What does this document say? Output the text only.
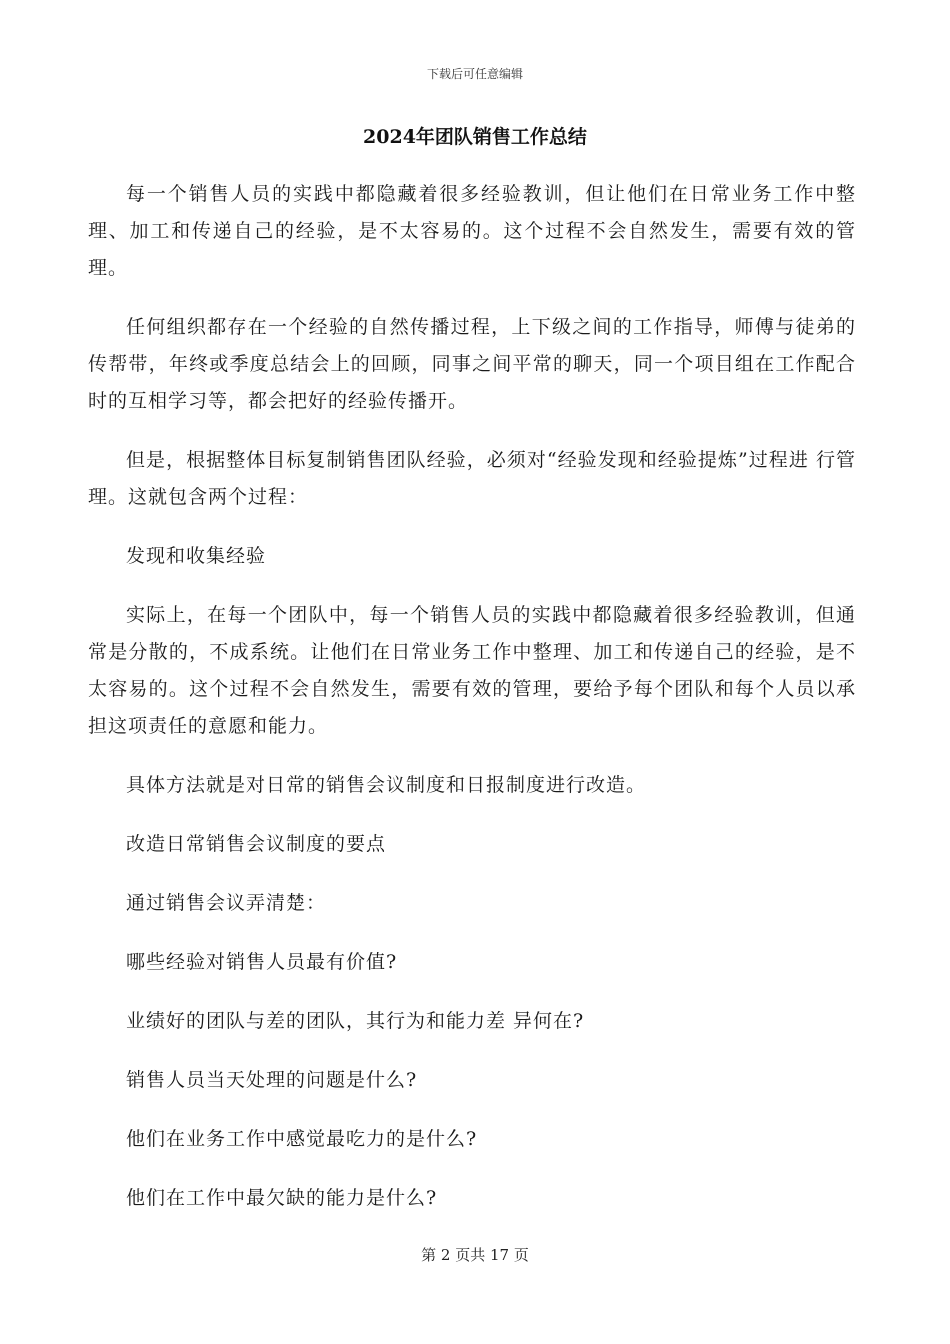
下载后可任意编辑
2024年团队销售工作总结

每一个销售人员的实践中都隐藏着很多经验教训，但让他们在日常业务工作中整理、加工和传递自己的经验，是不太容易的。这个过程不会自然发生，需要有效的管理。

任何组织都存在一个经验的自然传播过程，上下级之间的工作指导，师傅与徒弟的传帮带，年终或季度总结会上的回顾，同事之间平常的聊天，同一个项目组在工作配合时的互相学习等，都会把好的经验传播开。

但是，根据整体目标复制销售团队经验，必须对“经验发现和经验提炼”过程进 行管理。这就包含两个过程：

发现和收集经验

实际上，在每一个团队中，每一个销售人员的实践中都隐藏着很多经验教训，但通常是分散的，不成系统。让他们在日常业务工作中整理、加工和传递自己的经验，是不太容易的。这个过程不会自然发生，需要有效的管理，要给予每个团队和每个人员以承担这项责任的意愿和能力。

具体方法就是对日常的销售会议制度和日报制度进行改造。

改造日常销售会议制度的要点

通过销售会议弄清楚：

哪些经验对销售人员最有价值?

业绩好的团队与差的团队，其行为和能力差 异何在?

销售人员当天处理的问题是什么?

他们在业务工作中感觉最吃力的是什么?

他们在工作中最欠缺的能力是什么?

第 2 页共 17 页
